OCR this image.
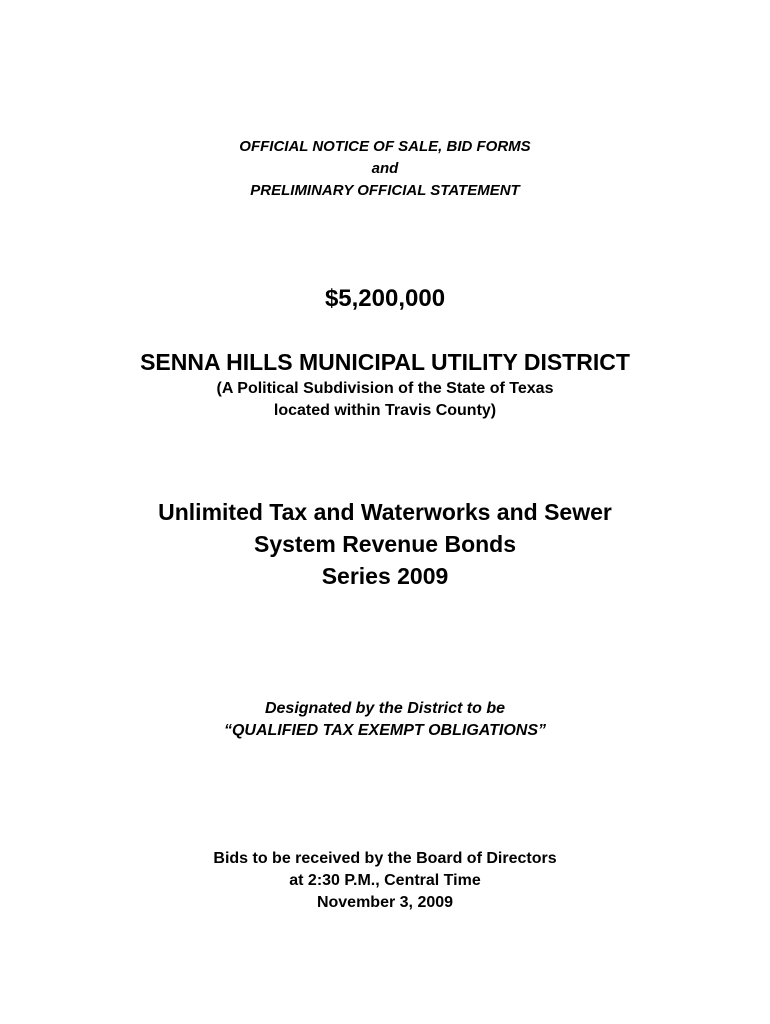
OFFICIAL NOTICE OF SALE, BID FORMS
and
PRELIMINARY OFFICIAL STATEMENT
$5,200,000
SENNA HILLS MUNICIPAL UTILITY DISTRICT
(A Political Subdivision of the State of Texas
located within Travis County)
Unlimited Tax and Waterworks and Sewer
System Revenue Bonds
Series 2009
Designated by the District to be
“QUALIFIED TAX EXEMPT OBLIGATIONS”
Bids to be received by the Board of Directors
at 2:30 P.M., Central Time
November 3, 2009
